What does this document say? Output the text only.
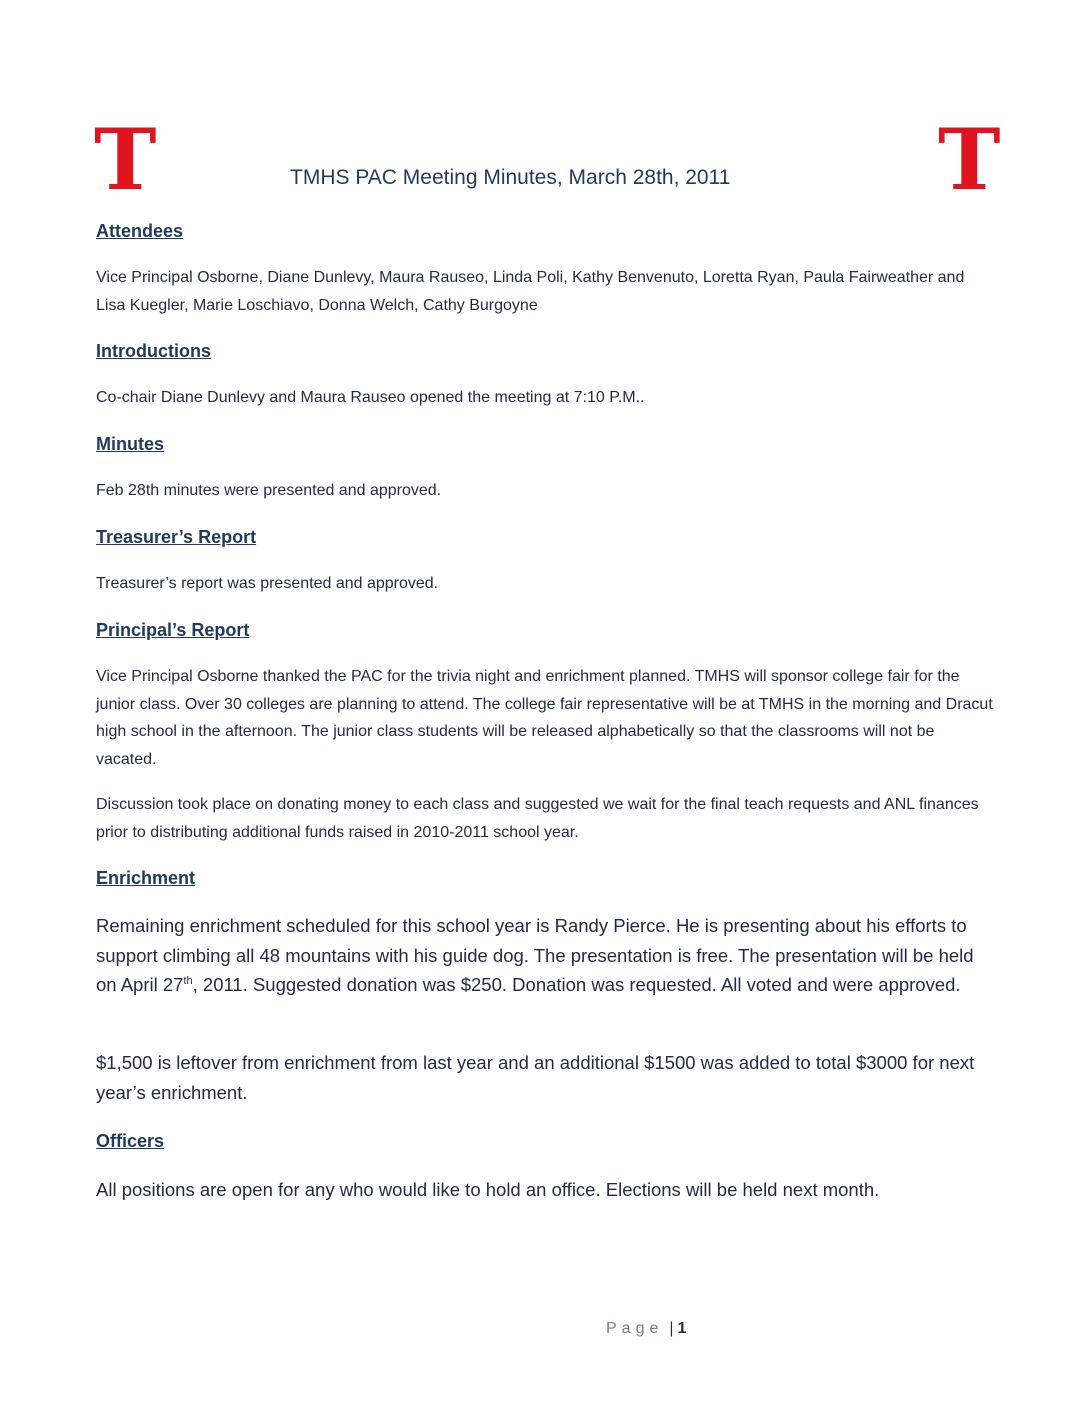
T	T
TMHS PAC Meeting Minutes, March 28th, 2011
Attendees

Vice Principal Osborne, Diane Dunlevy, Maura Rauseo, Linda Poli, Kathy Benvenuto, Loretta Ryan, Paula Fairweather and Lisa Kuegler, Marie Loschiavo, Donna Welch, Cathy Burgoyne

Introductions

Co-chair Diane Dunlevy and Maura Rauseo opened the meeting at 7:10 P.M..

Minutes

Feb 28th minutes were presented and approved.

Treasurer’s Report

Treasurer’s report was presented and approved.

Principal’s Report

Vice Principal Osborne thanked the PAC for the trivia night and enrichment planned. TMHS will sponsor college fair for the junior class. Over 30 colleges are planning to attend. The college fair representative will be at TMHS in the morning and Dracut high school in the afternoon. The junior class students will be released alphabetically so that the classrooms will not be vacated.

Discussion took place on donating money to each class and suggested we wait for the final teach requests and ANL finances prior to distributing additional funds raised in 2010-2011 school year.

Enrichment

Remaining enrichment scheduled for this school year is Randy Pierce. He is presenting about his efforts to support climbing all 48 mountains with his guide dog. The presentation is free. The presentation will be held on April 27th, 2011. Suggested donation was $250. Donation was requested. All voted and were approved.

$1,500 is leftover from enrichment from last year and an additional $1500 was added to total $3000 for next year’s enrichment.

Officers

All positions are open for any who would like to hold an office. Elections will be held next month.

Page | 1
